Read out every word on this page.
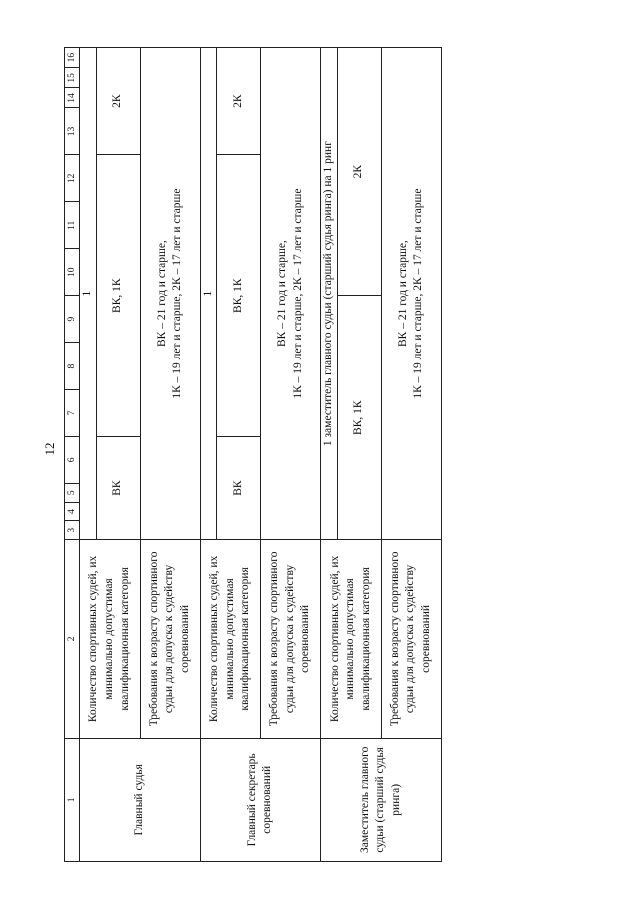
12
1	2	3	4	5	6	7	8	9	10	11	12	13	14	15	16
Главный судья	Количество спортивных судей, их минимально допустимая квалификационная категория	1													
		ВК				ВК, 1К						2К			
	Требования к возрасту спортивного судьи для допуска к судейству соревнований	ВК – 21 год и старше, 1К – 19 лет и старше, 2К – 17 лет и старше													

Главный секретарь соревнований	Количество спортивных судей, их минимально допустимая квалификационная категория	1													
		ВК				ВК, 1К						2К			
	Требования к возрасту спортивного судьи для допуска к судейству соревнований	ВК – 21 год и старше, 1К – 19 лет и старше, 2К – 17 лет и старше													

Заместитель главного судьи (старший судья ринга)	Количество спортивных судей, их минимально допустимая квалификационная категория	1 заместитель главного судьи (старший судья ринга) на 1 ринг													
		ВК, 1К							2К						
	Требования к возрасту спортивного судьи для допуска к судейству соревнований	ВК – 21 год и старше, 1К – 19 лет и старше, 2К – 17 лет и старше													
